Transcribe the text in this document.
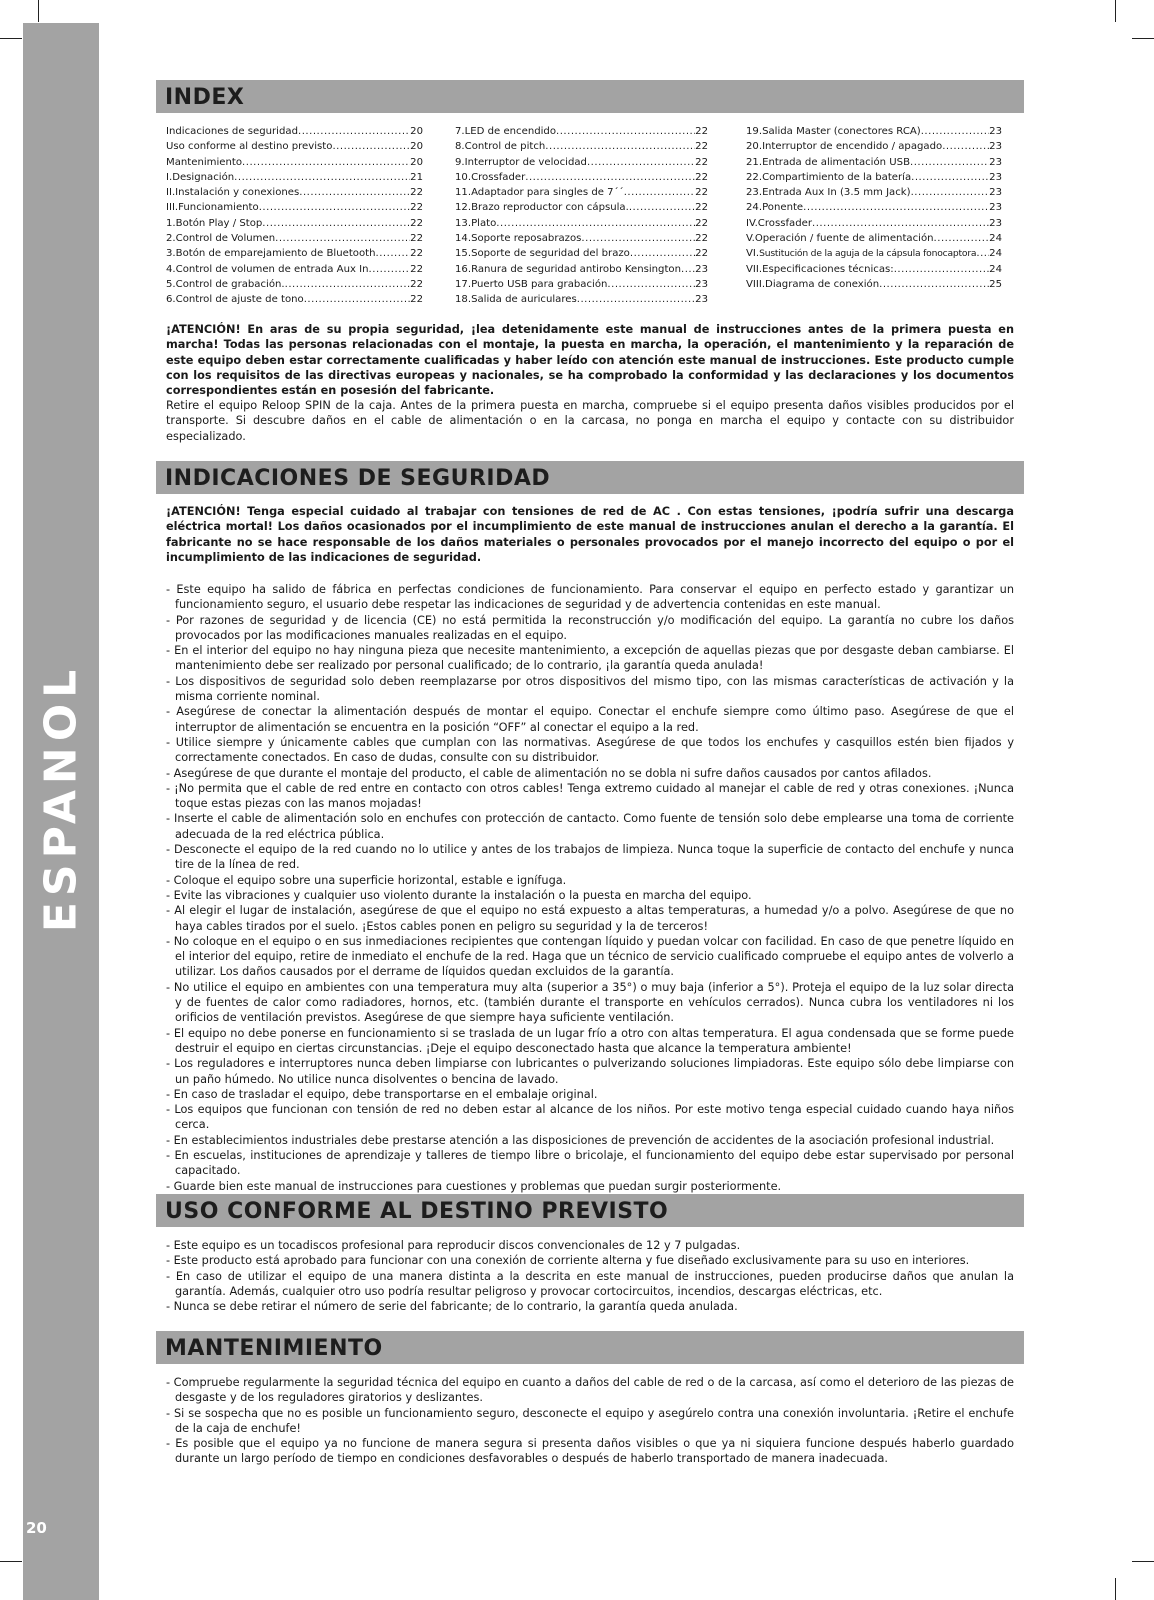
ESPANOL
20
INDEX
Indicaciones de seguridad .....	20
Uso conforme al destino previsto .....	20
Mantenimiento .....	20
I. Designación .....	21
II. Instalación y conexiones .....	22
III. Funcionamiento .....	22
1. Botón Play / Stop .....	22
2. Control de Volumen .....	22
3. Botón de emparejamiento de Bluetooth .....	22
4. Control de volumen de entrada Aux In .....	22
5. Control de grabación. .....	22
6. Control de ajuste de tono .....	22
7. LED de encendido .....	22
8. Control de pitch .....	22
9. Interruptor de velocidad .....	22
10. Crossfader .....	22
11. Adaptador para singles de 7´´ .....	22
12. Brazo reproductor con cápsula. .....	22
13. Plato .....	22
14. Soporte reposabrazos .....	22
15. Soporte de seguridad del brazo .....	22
16. Ranura de seguridad antirobo Kensington ..... 23
17. Puerto USB para grabación .....	23
18. Salida de auriculares .....	23
19. Salida Master (conectores RCA) .....	23
20. Interruptor de encendido / apagado .....	23
21. Entrada de alimentación USB .....	23
22. Compartimiento de la batería .....	23
23. Entrada Aux In (3.5 mm Jack) .....	23
24. Ponente .....	23
IV. Crossfader .....	23
V. Operación / fuente de alimentación .....	24
VI. Sustitución de la aguja de la cápsula fonocaptora ..... 24
VII. Especificaciones técnicas: .....	24
VIII. Diagrama de conexión .....	25
¡ATENCIÓN! En aras de su propia seguridad, ¡lea detenidamente este manual de instrucciones antes de la primera puesta en marcha! Todas las personas relacionadas con el montaje, la puesta en marcha, la operación, el mantenimiento y la reparación de este equipo deben estar correctamente cualificadas y haber leído con atención este manual de instrucciones. Este producto cumple con los requisitos de las directivas europeas y nacionales, se ha comprobado la conformidad y las declaraciones y los documentos correspondientes están en posesión del fabricante.
Retire el equipo Reloop SPIN de la caja. Antes de la primera puesta en marcha, compruebe si el equipo presenta daños visibles producidos por el transporte. Si descubre daños en el cable de alimentación o en la carcasa, no ponga en marcha el equipo y contacte con su distribuidor especializado.
INDICACIONES DE SEGURIDAD
¡ATENCIÓN! Tenga especial cuidado al trabajar con tensiones de red de AC . Con estas tensiones, ¡podría sufrir una descarga eléctrica mortal! Los daños ocasionados por el incumplimiento de este manual de instrucciones anulan el derecho a la garantía. El fabricante no se hace responsable de los daños materiales o personales provocados por el manejo incorrecto del equipo o por el incumplimiento de las indicaciones de seguridad.
- Este equipo ha salido de fábrica en perfectas condiciones de funcionamiento. Para conservar el equipo en perfecto estado y garantizar un funcionamiento seguro, el usuario debe respetar las indicaciones de seguridad y de advertencia contenidas en este manual.
- Por razones de seguridad y de licencia (CE) no está permitida la reconstrucción y/o modificación del equipo. La garantía no cubre los daños provocados por las modificaciones manuales realizadas en el equipo.
- En el interior del equipo no hay ninguna pieza que necesite mantenimiento, a excepción de aquellas piezas que por desgaste deban cambiarse. El mantenimiento debe ser realizado por personal cualificado; de lo contrario, ¡la garantía queda anulada!
- Los dispositivos de seguridad solo deben reemplazarse por otros dispositivos del mismo tipo, con las mismas características de activación y la misma corriente nominal.
- Asegúrese de conectar la alimentación después de montar el equipo. Conectar el enchufe siempre como último paso. Asegúrese de que el interruptor de alimentación se encuentra en la posición “OFF” al conectar el equipo a la red.
- Utilice siempre y únicamente cables que cumplan con las normativas. Asegúrese de que todos los enchufes y casquillos estén bien fijados y correctamente conectados. En caso de dudas, consulte con su distribuidor.
- Asegúrese de que durante el montaje del producto, el cable de alimentación no se dobla ni sufre daños causados por cantos afilados.
- ¡No permita que el cable de red entre en contacto con otros cables! Tenga extremo cuidado al manejar el cable de red y otras conexiones. ¡Nunca toque estas piezas con las manos mojadas!
- Inserte el cable de alimentación solo en enchufes con protección de cantacto. Como fuente de tensión solo debe emplearse una toma de corriente adecuada de la red eléctrica pública.
- Desconecte el equipo de la red cuando no lo utilice y antes de los trabajos de limpieza. Nunca toque la superficie de contacto del enchufe y nunca tire de la línea de red.
- Coloque el equipo sobre una superficie horizontal, estable e ignífuga.
- Evite las vibraciones y cualquier uso violento durante la instalación o la puesta en marcha del equipo.
- Al elegir el lugar de instalación, asegúrese de que el equipo no está expuesto a altas temperaturas, a humedad y/o a polvo. Asegúrese de que no haya cables tirados por el suelo. ¡Estos cables ponen en peligro su seguridad y la de terceros!
- No coloque en el equipo o en sus inmediaciones recipientes que contengan líquido y puedan volcar con facilidad. En caso de que penetre líquido en el interior del equipo, retire de inmediato el enchufe de la red. Haga que un técnico de servicio cualificado compruebe el equipo antes de volverlo a utilizar. Los daños causados por el derrame de líquidos quedan excluidos de la garantía.
- No utilice el equipo en ambientes con una temperatura muy alta (superior a 35°) o muy baja (inferior a 5°). Proteja el equipo de la luz solar directa y de fuentes de calor como radiadores, hornos, etc. (también durante el transporte en vehículos cerrados). Nunca cubra los ventiladores ni los orificios de ventilación previstos. Asegúrese de que siempre haya suficiente ventilación.
- El equipo no debe ponerse en funcionamiento si se traslada de un lugar frío a otro con altas temperatura. El agua condensada que se forme puede destruir el equipo en ciertas circunstancias. ¡Deje el equipo desconectado hasta que alcance la temperatura ambiente!
- Los reguladores e interruptores nunca deben limpiarse con lubricantes o pulverizando soluciones limpiadoras. Este equipo sólo debe limpiarse con un paño húmedo. No utilice nunca disolventes o bencina de lavado.
- En caso de trasladar el equipo, debe transportarse en el embalaje original.
- Los equipos que funcionan con tensión de red no deben estar al alcance de los niños. Por este motivo tenga especial cuidado cuando haya niños cerca.
- En establecimientos industriales debe prestarse atención a las disposiciones de prevención de accidentes de la asociación profesional industrial.
- En escuelas, instituciones de aprendizaje y talleres de tiempo libre o bricolaje, el funcionamiento del equipo debe estar supervisado por personal capacitado.
- Guarde bien este manual de instrucciones para cuestiones y problemas que puedan surgir posteriormente.
USO CONFORME AL DESTINO PREVISTO
- Este equipo es un tocadiscos profesional para reproducir discos convencionales de 12 y 7 pulgadas.
- Este producto está aprobado para funcionar con una conexión de corriente alterna y fue diseñado exclusivamente para su uso en interiores.
- En caso de utilizar el equipo de una manera distinta a la descrita en este manual de instrucciones, pueden producirse daños que anulan la garantía. Además, cualquier otro uso podría resultar peligroso y provocar cortocircuitos, incendios, descargas eléctricas, etc.
- Nunca se debe retirar el número de serie del fabricante; de lo contrario, la garantía queda anulada.
MANTENIMIENTO
- Compruebe regularmente la seguridad técnica del equipo en cuanto a daños del cable de red o de la carcasa, así como el deterioro de las piezas de desgaste y de los reguladores giratorios y deslizantes.
- Si se sospecha que no es posible un funcionamiento seguro, desconecte el equipo y asegúrelo contra una conexión involuntaria. ¡Retire el enchufe de la caja de enchufe!
- Es posible que el equipo ya no funcione de manera segura si presenta daños visibles o que ya ni siquiera funcione después haberlo guardado durante un largo período de tiempo en condiciones desfavorables o después de haberlo transportado de manera inadecuada.
